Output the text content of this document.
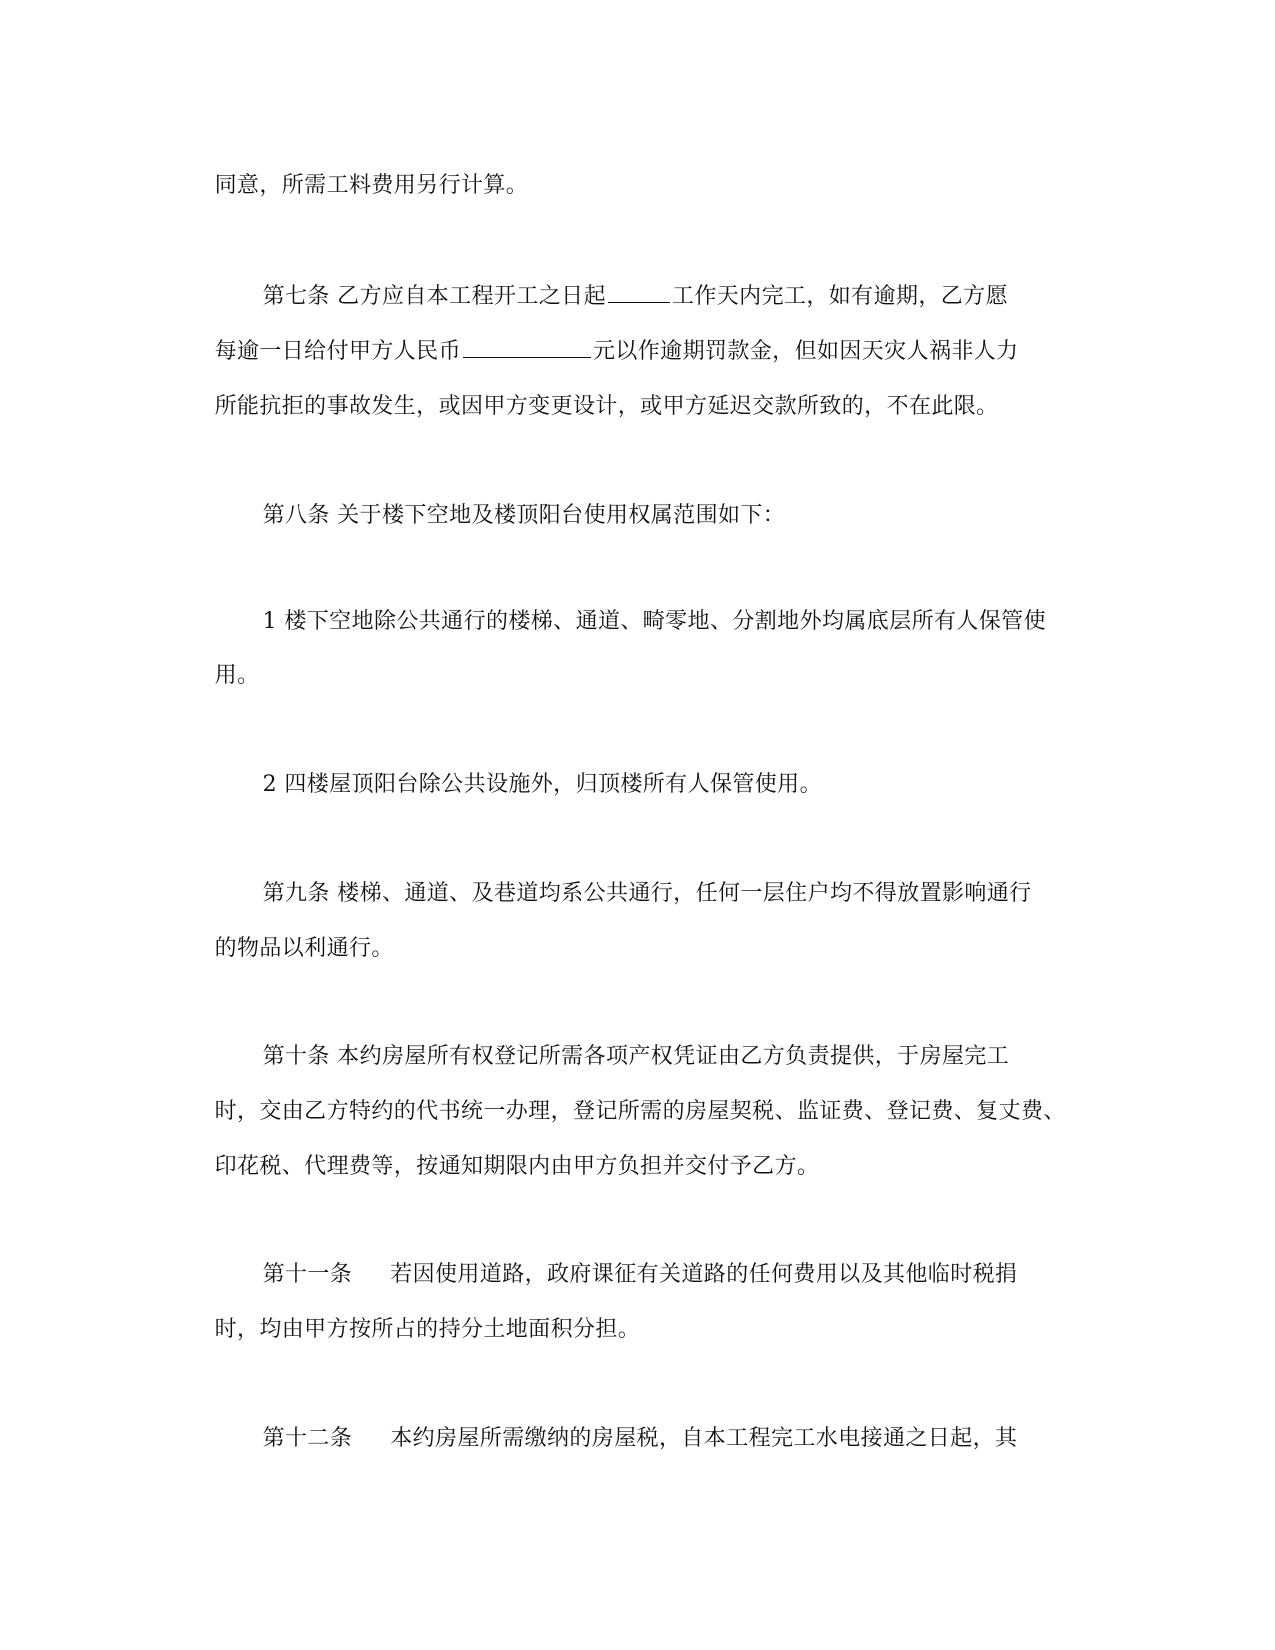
同意，所需工料费用另行计算。

第七条 乙方应自本工程开工之日起	工作天内完工，如有逾期，乙方愿

每逾一日给付甲方人民币	元以作逾期罚款金，但如因天灾人祸非人力

所能抗拒的事故发生，或因甲方变更设计，或甲方延迟交款所致的，不在此限。

第八条 关于楼下空地及楼顶阳台使用权属范围如下：

1 楼下空地除公共通行的楼梯、通道、畸零地、分割地外均属底层所有人保管使

用。

2 四楼屋顶阳台除公共设施外，归顶楼所有人保管使用。

第九条 楼梯、通道、及巷道均系公共通行，任何一层住户均不得放置影响通行

的物品以利通行。

第十条 本约房屋所有权登记所需各项产权凭证由乙方负责提供，于房屋完工

时，交由乙方特约的代书统一办理，登记所需的房屋契税、监证费、登记费、复丈费、

印花税、代理费等，按通知期限内由甲方负担并交付予乙方。

第十一条 若因使用道路，政府课征有关道路的任何费用以及其他临时税捐

时，均由甲方按所占的持分土地面积分担。

第十二条 本约房屋所需缴纳的房屋税，自本工程完工水电接通之日起，其
